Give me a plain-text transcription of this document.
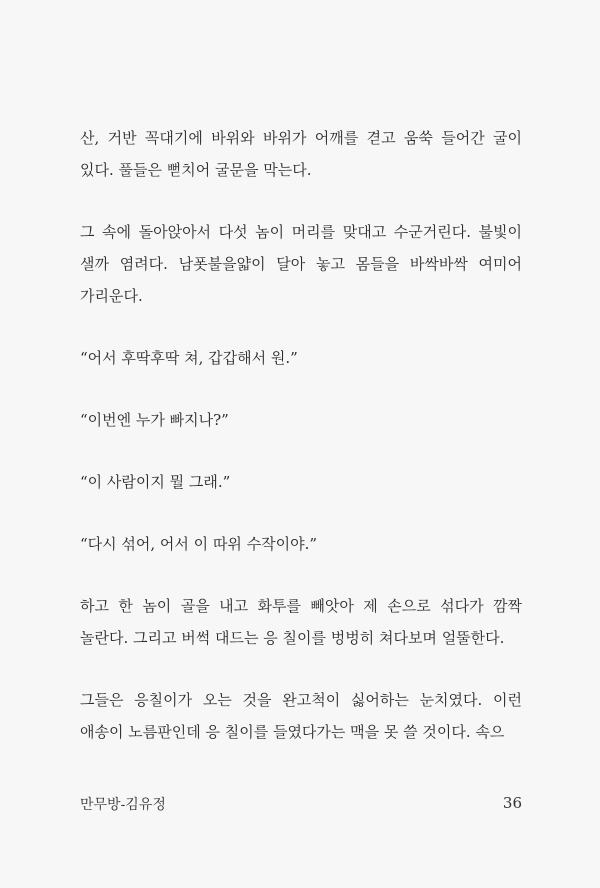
산, 거반 꼭대기에 바위와 바위가 어깨를 겯고 움쑥 들어간 굴이 있다. 풀들은 뻗치어 굴문을 막는다.

그 속에 돌아앉아서 다섯 놈이 머리를 맞대고 수군거린다. 불빛이 샐까 염려다. 남폿불을얇이 달아 놓고 몸들을 바싹바싹 여미어 가리운다.

“어서 후딱후딱 쳐, 갑갑해서 원.”

“이번엔 누가 빠지나?”

“이 사람이지 뭘 그래.”

“다시 섞어, 어서 이 따위 수작이야.”

하고 한 놈이 골을 내고 화투를 빼앗아 제 손으로 섞다가 깜짝 놀란다. 그리고 버썩 대드는 응 칠이를 벙벙히 쳐다보며 얼뚤한다.

그들은 응칠이가 오는 것을 완고척이 싫어하는 눈치였다. 이런 애송이 노름판인데 응 칠이를 들였다가는 맥을 못 쓸 것이다. 속으

만무방-김유정	36
